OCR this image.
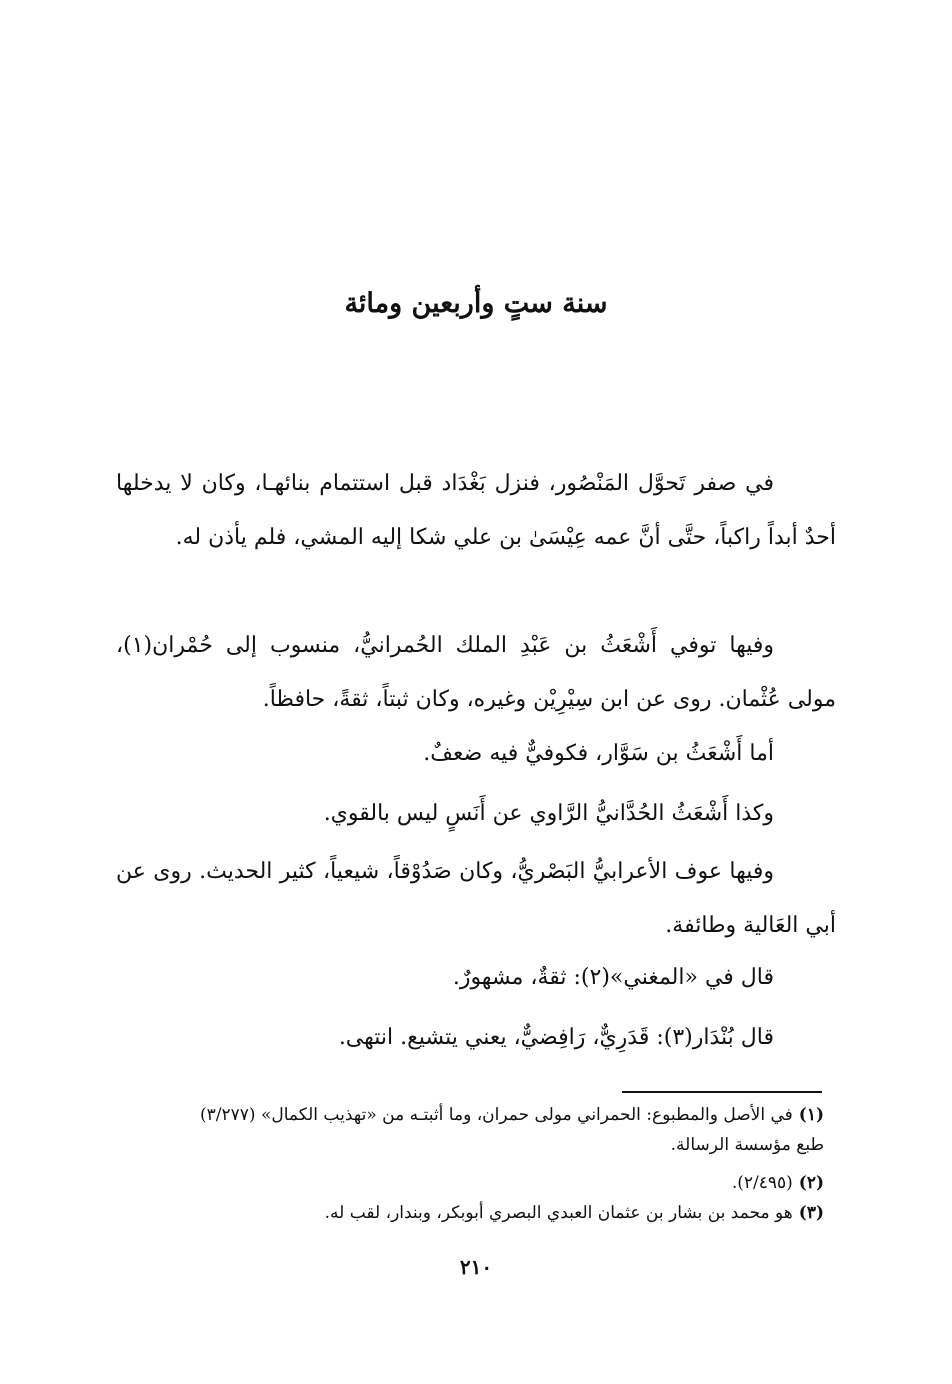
سنة ستٍ وأربعين ومائة

في صفر تَحوَّل المَنْصُور، فنزل بَغْدَاد قبل استتمام بنائهـا، وكان لا يدخلها أحدٌ أبداً راكباً، حتَّى أنَّ عمه عِيْسَىٰ بن علي شكا إليه المشي، فلم يأذن له.

وفيها توفي أَشْعَثُ بن عَبْدِ الملك الحُمرانيُّ، منسوب إلى حُمْران(١)، مولى عُثْمان. روى عن ابن سِيْرِيْن وغيره، وكان ثبتاً، ثقةً، حافظاً.

أما أَشْعَثُ بن سَوَّار، فكوفيٌّ فيه ضعفٌ.

وكذا أَشْعَثُ الحُدَّانيُّ الرَّاوي عن أَنَسٍ ليس بالقوي.

وفيها عوف الأعرابيُّ البَصْريُّ، وكان صَدُوْقاً، شيعياً، كثير الحديث. روى عن أبي العَالية وطائفة.

قال في «المغني»(٢): ثقةٌ، مشهورٌ.

قال بُنْدَار(٣): قَدَرِيٌّ، رَافِضيٌّ، يعني يتشيع. انتهى.

(١)في الأصل والمطبوع: الحمراني مولى حمران، وما أثبتـه من «تهذيب الكمال» (٣/٢٧٧)

طبع مؤسسة الرسالة.

(٢)(٢/٤٩٥).

(٣)هو محمد بن بشار بن عثمان العبدي البصري أبوبكر، وبندار، لقب له.

٢١٠
